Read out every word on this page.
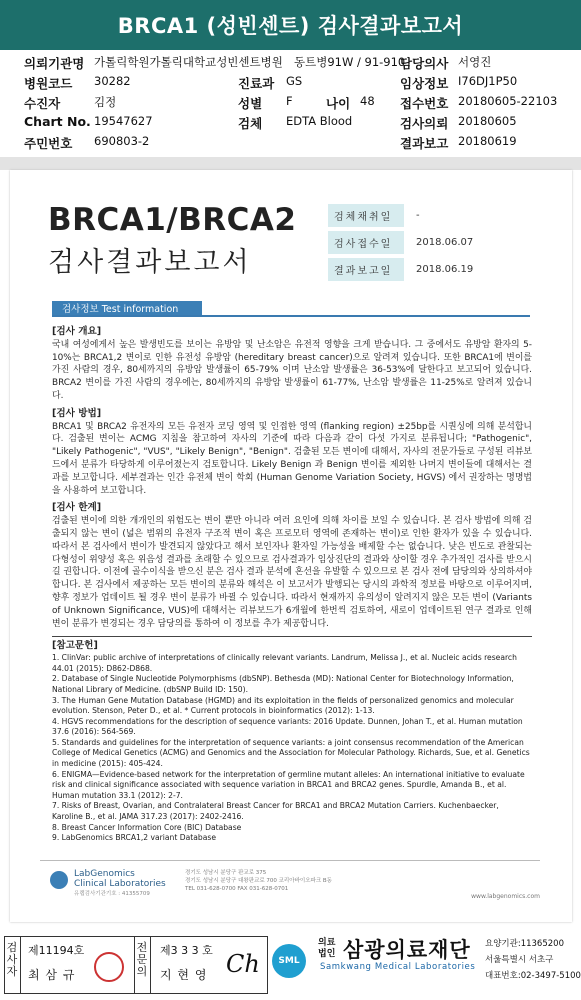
BRCA1 (성빈센트) 검사결과보고서
의뢰기관명 가톨릭학원가톨릭대학교성빈센트병원 동트병91W / 91-910
담당의사 서영진
병원코드 30282	진료과 GS	임상정보 I76DJ1P50
수진자	김정	성별 F	나이 48 접수번호 20180605-22103
Chart No. 19547627	검체 EDTA Blood	검사의뢰 20180605
주민번호 690803-2	결과보고 20180619
BRCA1/BRCA2
검사결과보고서
검체채취일	-
검사접수일	2018.06.07
결과보고일	2018.06.19
검사정보 Test information
[검사 개요]

국내 여성에게서 높은 발생빈도를 보이는 유방암 및 난소암은 유전적 영향을 크게 받습니다. 그 중에서도 유방암 환자의 5-10%는 BRCA1,2 변이로 인한 유전성 유방암 (hereditary breast cancer)으로 알려져 있습니다. 또한 BRCA1에 변이를 가진 사람의 경우, 80세까지의 유방암 발생률이 65-79% 이며 난소암 발생률은 36-53%에 달한다고 보고되어 있습니다. BRCA2 변이를 가진 사람의 경우에는, 80세까지의 유방암 발생률이 61-77%, 난소암 발생률은 11-25%로 알려져 있습니다.

[검사 방법]

BRCA1 및 BRCA2 유전자의 모든 유전자 코딩 영역 및 인접한 영역 (flanking region) ±25bp를 시퀀싱에 의해 분석합니다. 검출된 변이는 ACMG 지침을 참고하여 자사의 기준에 따라 다음과 같이 다섯 가지로 분류됩니다; "Pathogenic", "Likely Pathogenic", "VUS", "Likely Benign", "Benign". 검출된 모든 변이에 대해서, 자사의 전문가들로 구성된 리뷰보드에서 분류가 타당하게 이루어졌는지 검토합니다. Likely Benign 과 Benign 변이를 제외한 나머지 변이들에 대해서는 결과를 보고합니다. 세부결과는 인간 유전체 변이 학회 (Human Genome Variation Society, HGVS) 에서 권장하는 명명법을 사용하여 보고합니다.

[검사 한계]

검출된 변이에 의한 개개인의 위험도는 변이 뿐만 아니라 여러 요인에 의해 차이를 보일 수 있습니다. 본 검사 방법에 의해 검출되지 않는 변이 (넓은 범위의 유전자 구조적 변이 혹은 프로모터 영역에 존재하는 변이)로 인한 환자가 있을 수 있습니다. 따라서 본 검사에서 변이가 발견되지 않았다고 해서 보인자나 환자일 가능성을 배제할 수는 없습니다. 낮은 빈도로 관찰되는 다형성이 위양성 혹은 위음성 결과를 초래할 수 있으므로 검사결과가 임상진단의 결과와 상이할 경우 추가적인 검사를 받으시길 권합니다. 이전에 골수이식을 받으신 분은 검사 결과 분석에 혼선을 유발할 수 있으므로 본 검사 전에 담당의와 상의하셔야 합니다. 본 검사에서 제공하는 모든 변이의 분류와 해석은 이 보고서가 발행되는 당시의 과학적 정보를 바탕으로 이루어지며, 향후 정보가 업데이트 될 경우 변이 분류가 바뀔 수 있습니다. 따라서 현재까지 유의성이 알려지지 않은 모든 변이 (Variants of Unknown Significance, VUS)에 대해서는 리뷰보드가 6개월에 한번씩 검토하여, 새로이 업데이트된 연구 결과로 인해 변이 분류가 변경되는 경우 담당의를 통하여 이 정보를 추가 제공합니다.

[참고문헌]
1. ClinVar: public archive of interpretations of clinically relevant variants. Landrum, Melissa J., et al. Nucleic acids research 44.01 (2015): D862-D868.
2. Database of Single Nucleotide Polymorphisms (dbSNP). Bethesda (MD): National Center for Biotechnology Information, National Library of Medicine. (dbSNP Build ID: 150).
3. The Human Gene Mutation Database (HGMD) and its exploitation in the fields of personalized genomics and molecular evolution. Stenson, Peter D., et al. * Current protocols in bioinformatics (2012): 1-13.
4. HGVS recommendations for the description of sequence variants: 2016 Update. Dunnen, Johan T., et al. Human mutation 37.6 (2016): 564-569.
5. Standards and guidelines for the interpretation of sequence variants: a joint consensus recommendation of the American College of Medical Genetics (ACMG) and Genomics and the Association for Molecular Pathology. Richards, Sue, et al. Genetics in medicine (2015): 405-424.
6. ENIGMA—Evidence-based network for the interpretation of germline mutant alleles: An international initiative to evaluate risk and clinical significance associated with sequence variation in BRCA1 and BRCA2 genes. Spurdle, Amanda B., et al. Human mutation 33.1 (2012): 2-7.
7. Risks of Breast, Ovarian, and Contralateral Breast Cancer for BRCA1 and BRCA2 Mutation Carriers. Kuchenbaecker, Karoline B., et al. JAMA 317.23 (2017): 2402-2416.
8. Breast Cancer Information Core (BIC) Database
9. LabGenomics BRCA1,2 variant Database
LabGenomics
Clinical Laboratories
유랩검사기관기호 : 41355709
경기도 성남시 분당구 판교로 375
경기도 성남시 분당구 대왕판교로 700 코리아바이오파크 B동
TEL 031-628-0700 FAX 031-628-0701
www.labgenomics.com
검사자
제11194호
최 삼 규
전문의
제3 3 3 호
지 현 영 Ch	SML
의료
법인 삼광의료재단
Samkwang Medical Laboratories
요양기관:11365200
서울특별시 서초구
대표번호:02-3497-5100
